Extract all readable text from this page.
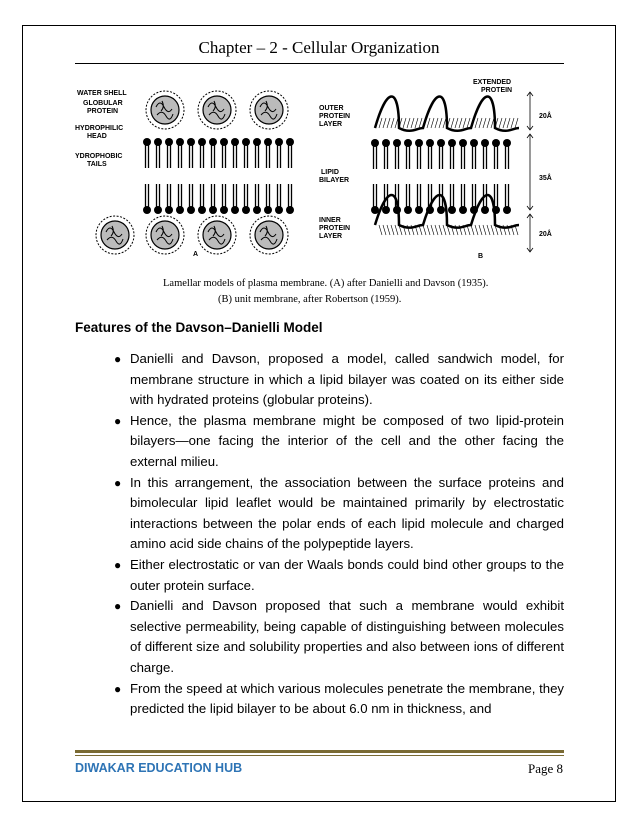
Chapter – 2 - Cellular Organization
WATER SHELL
GLOBULAR
PROTEIN
HYDROPHILIC
HEAD
YDROPHOBIC
TAILS
A
OUTER
PROTEIN
LAYER
LIPID
BILAYER
INNER
PROTEIN
LAYER
EXTENDED
PROTEIN
B
20Å
35Å
20Å
Lamellar models of plasma membrane. (A) after Danielli and Davson (1935).
(B) unit membrane, after Robertson (1959).
Features of the Davson–Danielli Model
● Danielli and Davson, proposed a model, called sandwich model, for membrane structure in which a lipid bilayer was coated on its either side with hydrated proteins (globular proteins).
● Hence, the plasma membrane might be composed of two lipid-protein bilayers—one facing the interior of the cell and the other facing the external milieu.
● In this arrangement, the association between the surface proteins and bimolecular lipid leaflet would be maintained primarily by electrostatic interactions between the polar ends of each lipid molecule and charged amino acid side chains of the polypeptide layers.
● Either electrostatic or van der Waals bonds could bind other groups to the outer protein surface.
● Danielli and Davson proposed that such a membrane would exhibit selective permeability, being capable of distinguishing between molecules of different size and solubility properties and also between ions of different charge.
● From the speed at which various molecules penetrate the membrane, they predicted the lipid bilayer to be about 6.0 nm in thickness, and
DIWAKAR EDUCATION HUB	Page 8
